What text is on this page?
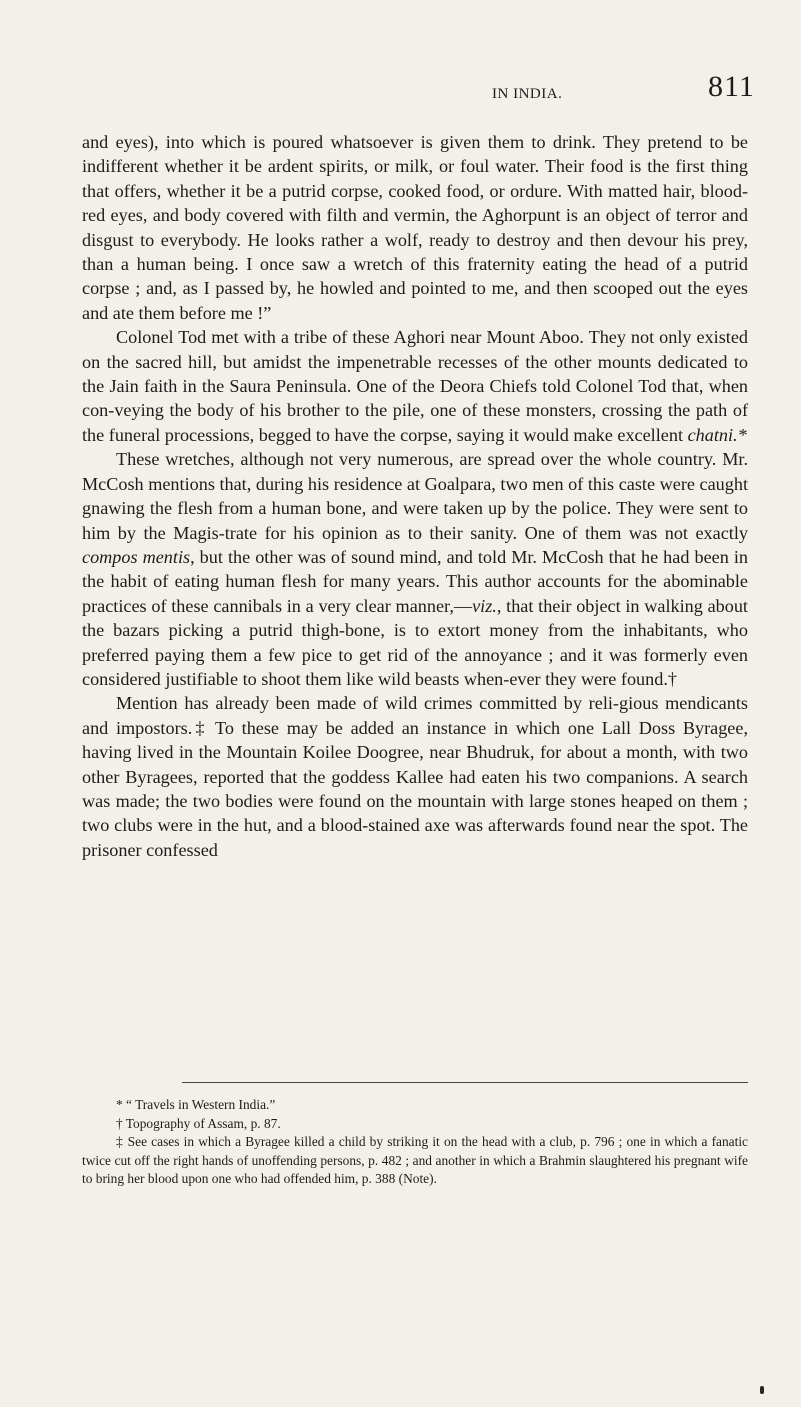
IN INDIA.	811

and eyes), into which is poured whatsoever is given them to drink. They pretend to be indifferent whether it be ardent spirits, or milk, or foul water. Their food is the first thing that offers, whether it be a putrid corpse, cooked food, or ordure. With matted hair, blood-red eyes, and body covered with filth and vermin, the Aghorpunt is an object of terror and disgust to everybody. He looks rather a wolf, ready to destroy and then devour his prey, than a human being. I once saw a wretch of this fraternity eating the head of a putrid corpse ; and, as I passed by, he howled and pointed to me, and then scooped out the eyes and ate them before me !”

Colonel Tod met with a tribe of these Aghori near Mount Aboo. They not only existed on the sacred hill, but amidst the impenetrable recesses of the other mounts dedicated to the Jain faith in the Saura Peninsula. One of the Deora Chiefs told Colonel Tod that, when con-veying the body of his brother to the pile, one of these monsters, crossing the path of the funeral processions, begged to have the corpse, saying it would make excellent chatni.*

These wretches, although not very numerous, are spread over the whole country. Mr. McCosh mentions that, during his residence at Goalpara, two men of this caste were caught gnawing the flesh from a human bone, and were taken up by the police. They were sent to him by the Magis-trate for his opinion as to their sanity. One of them was not exactly compos mentis, but the other was of sound mind, and told Mr. McCosh that he had been in the habit of eating human flesh for many years. This author accounts for the abominable practices of these cannibals in a very clear manner,—viz., that their object in walking about the bazars picking a putrid thigh-bone, is to extort money from the inhabitants, who preferred paying them a few pice to get rid of the annoyance ; and it was formerly even considered justifiable to shoot them like wild beasts when-ever they were found.†

Mention has already been made of wild crimes committed by reli-gious mendicants and impostors.‡ To these may be added an instance in which one Lall Doss Byragee, having lived in the Mountain Koilee Doogree, near Bhudruk, for about a month, with two other Byragees, reported that the goddess Kallee had eaten his two companions. A search was made; the two bodies were found on the mountain with large stones heaped on them ; two clubs were in the hut, and a blood-stained axe was afterwards found near the spot. The prisoner confessed

* “ Travels in Western India.”

† Topography of Assam, p. 87.

‡ See cases in which a Byragee killed a child by striking it on the head with a club, p. 796 ; one in which a fanatic twice cut off the right hands of unoffending persons, p. 482 ; and another in which a Brahmin slaughtered his pregnant wife to bring her blood upon one who had offended him, p. 388 (Note).
